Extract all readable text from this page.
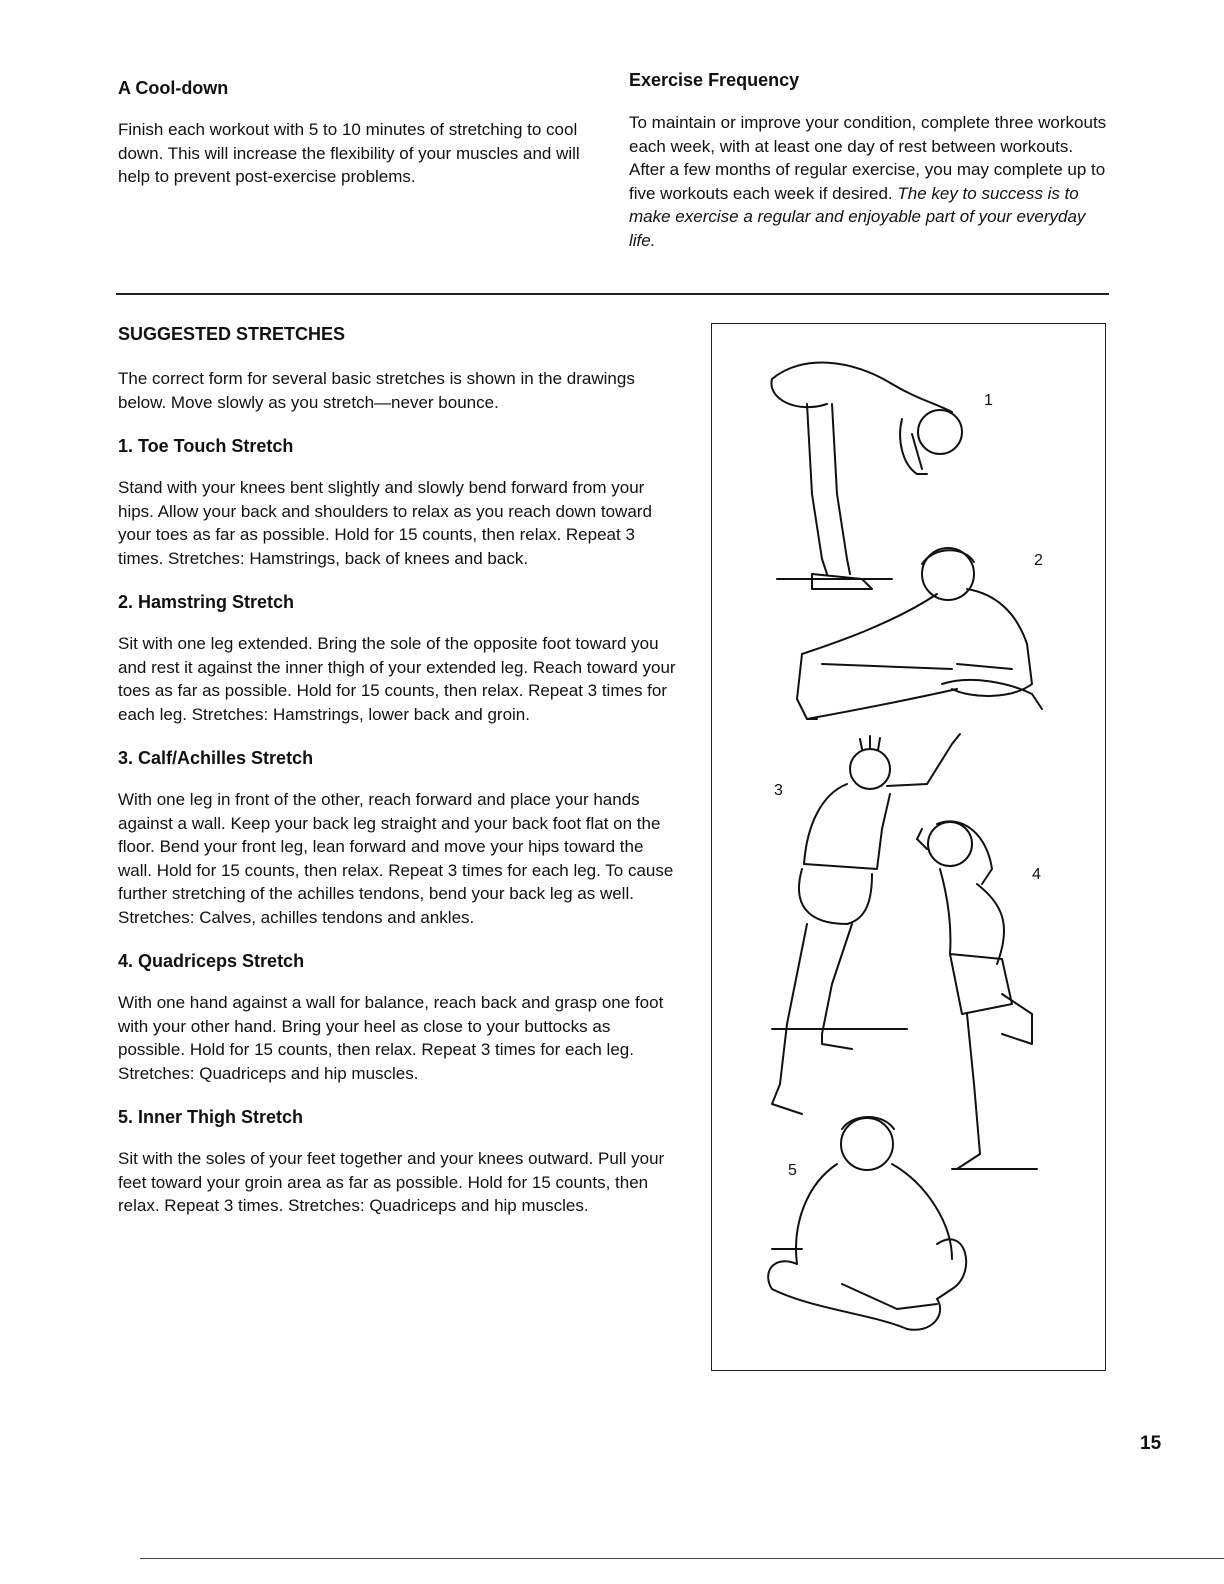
A Cool-down

Finish each workout with 5 to 10 minutes of stretching to cool down. This will increase the flexibility of your muscles and will help to prevent post-exercise problems.

Exercise Frequency

To maintain or improve your condition, complete three workouts each week, with at least one day of rest between workouts. After a few months of regular exercise, you may complete up to five workouts each week if desired. The key to success is to make exercise a regular and enjoyable part of your everyday life.

SUGGESTED STRETCHES

The correct form for several basic stretches is shown in the drawings below. Move slowly as you stretch—never bounce.

1. Toe Touch Stretch

Stand with your knees bent slightly and slowly bend forward from your hips. Allow your back and shoulders to relax as you reach down toward your toes as far as possible. Hold for 15 counts, then relax. Repeat 3 times. Stretches: Hamstrings, back of knees and back.

2. Hamstring Stretch

Sit with one leg extended. Bring the sole of the opposite foot toward you and rest it against the inner thigh of your extended leg. Reach toward your toes as far as possible. Hold for 15 counts, then relax. Repeat 3 times for each leg. Stretches: Hamstrings, lower back and groin.

3. Calf/Achilles Stretch

With one leg in front of the other, reach forward and place your hands against a wall. Keep your back leg straight and your back foot flat on the floor. Bend your front leg, lean forward and move your hips toward the wall. Hold for 15 counts, then relax. Repeat 3 times for each leg. To cause further stretching of the achilles tendons, bend your back leg as well. Stretches: Calves, achilles tendons and ankles.

4. Quadriceps Stretch

With one hand against a wall for balance, reach back and grasp one foot with your other hand. Bring your heel as close to your buttocks as possible. Hold for 15 counts, then relax. Repeat 3 times for each leg. Stretches: Quadriceps and hip muscles.

5. Inner Thigh Stretch

Sit with the soles of your feet together and your knees outward. Pull your feet toward your groin area as far as possible. Hold for 15 counts, then relax. Repeat 3 times. Stretches: Quadriceps and hip muscles.

1
2
3
4
5
15
